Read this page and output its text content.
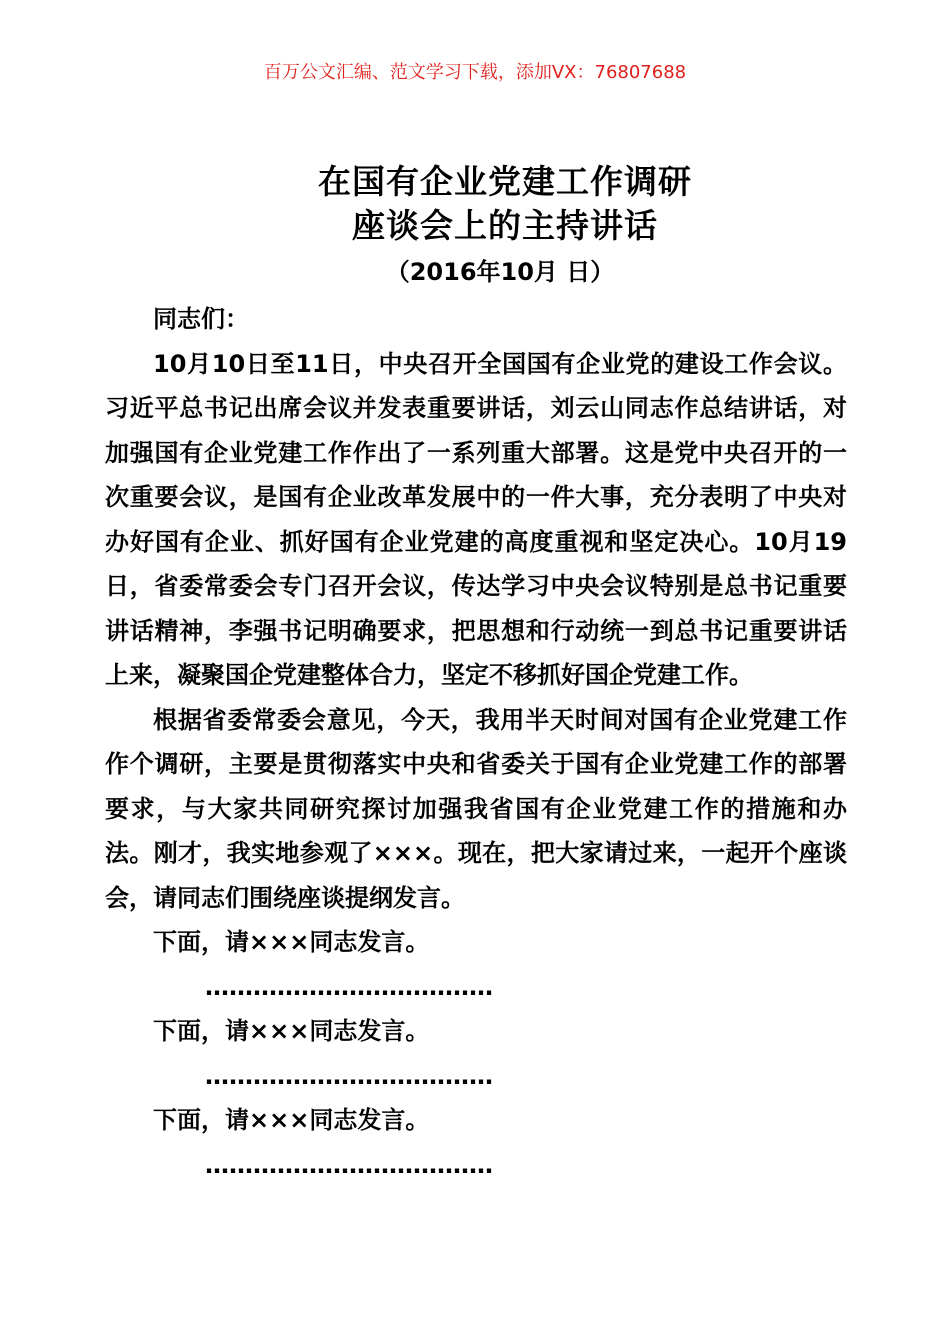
百万公文汇编、范文学习下载，添加VX：76807688
在国有企业党建工作调研
座谈会上的主持讲话
（2016年10月 日）

同志们：

10月10日至11日，中央召开全国国有企业党的建设工作会议。习近平总书记出席会议并发表重要讲话，刘云山同志作总结讲话，对加强国有企业党建工作作出了一系列重大部署。这是党中央召开的一次重要会议，是国有企业改革发展中的一件大事，充分表明了中央对办好国有企业、抓好国有企业党建的高度重视和坚定决心。10月19日，省委常委会专门召开会议，传达学习中央会议特别是总书记重要讲话精神，李强书记明确要求，把思想和行动统一到总书记重要讲话上来，凝聚国企党建整体合力，坚定不移抓好国企党建工作。

根据省委常委会意见，今天，我用半天时间对国有企业党建工作作个调研，主要是贯彻落实中央和省委关于国有企业党建工作的部署要求，与大家共同研究探讨加强我省国有企业党建工作的措施和办法。刚才，我实地参观了×××。现在，把大家请过来，一起开个座谈会，请同志们围绕座谈提纲发言。

下面，请×××同志发言。

………………………………

下面，请×××同志发言。

………………………………

下面，请×××同志发言。

………………………………
